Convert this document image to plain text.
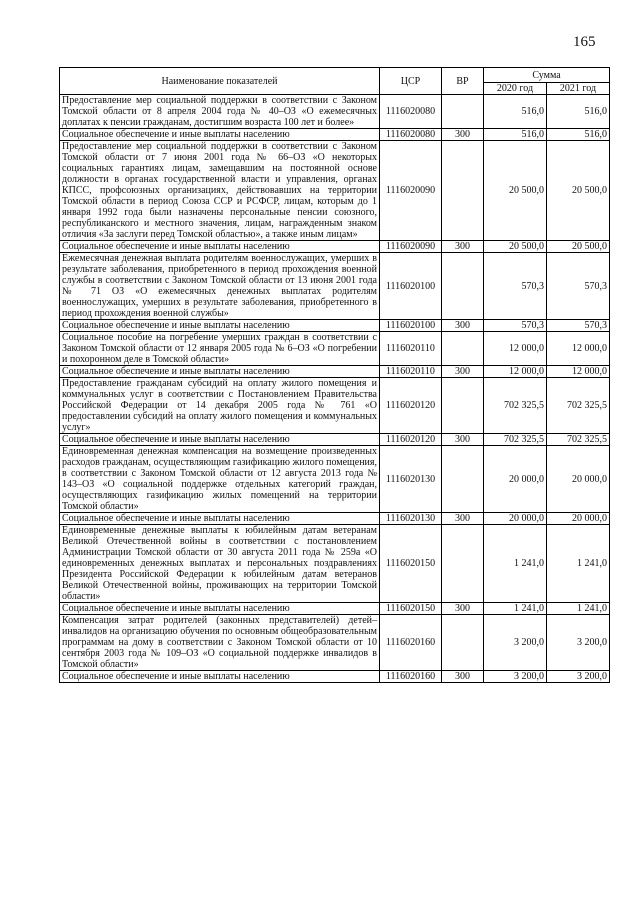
165
Наименование показателей	ЦСР	ВР	Сумма	
			2020 год	2021 год
Предоставление мер социальной поддержки в соответствии с Законом Томской области от 8 апреля 2004 года № 40–ОЗ «О ежемесячных доплатах к пенсии гражданам, достигшим возраста 100 лет и более»	1116020080		516,0	516,0
Социальное обеспечение и иные выплаты населению	1116020080	300	516,0	516,0
Предоставление мер социальной поддержки в соответствии с Законом Томской области от 7 июня 2001 года № 66–ОЗ «О некоторых социальных гарантиях лицам, замещавшим на постоянной основе должности в органах государственной власти и управления, органах КПСС, профсоюзных организациях, действовавших на территории Томской области в период Союза ССР и РСФСР, лицам, которым до 1 января 1992 года были назначены персональные пенсии союзного, республиканского и местного значения, лицам, награжденным знаком отличия «За заслуги перед Томской областью», а также иным лицам»	1116020090		20 500,0	20 500,0
Социальное обеспечение и иные выплаты населению	1116020090	300	20 500,0	20 500,0
Ежемесячная денежная выплата родителям военнослужащих, умерших в результате заболевания, приобретенного в период прохождения военной службы в соответствии с Законом Томской области от 13 июня 2001 года № 71 ОЗ «О ежемесячных денежных выплатах родителям военнослужащих, умерших в результате заболевания, приобретенного в период прохождения военной службы»	1116020100		570,3	570,3
Социальное обеспечение и иные выплаты населению	1116020100	300	570,3	570,3
Социальное пособие на погребение умерших граждан в соответствии с Законом Томской области от 12 января 2005 года № 6–ОЗ «О погребении и похоронном деле в Томской области»	1116020110		12 000,0	12 000,0
Социальное обеспечение и иные выплаты населению	1116020110	300	12 000,0	12 000,0
Предоставление гражданам субсидий на оплату жилого помещения и коммунальных услуг в соответствии с Постановлением Правительства Российской Федерации от 14 декабря 2005 года № 761 «О предоставлении субсидий на оплату жилого помещения и коммунальных услуг»	1116020120		702 325,5	702 325,5
Социальное обеспечение и иные выплаты населению	1116020120	300	702 325,5	702 325,5
Единовременная денежная компенсация на возмещение произведенных расходов гражданам, осуществляющим газификацию жилого помещения, в соответствии с Законом Томской области от 12 августа 2013 года № 143–ОЗ «О социальной поддержке отдельных категорий граждан, осуществляющих газификацию жилых помещений на территории Томской области»	1116020130		20 000,0	20 000,0
Социальное обеспечение и иные выплаты населению	1116020130	300	20 000,0	20 000,0
Единовременные денежные выплаты к юбилейным датам ветеранам Великой Отечественной войны в соответствии с постановлением Администрации Томской области от 30 августа 2011 года № 259а «О единовременных денежных выплатах и персональных поздравлениях Президента Российской Федерации к юбилейным датам ветеранов Великой Отечественной войны, проживающих на территории Томской области»	1116020150		1 241,0	1 241,0
Социальное обеспечение и иные выплаты населению	1116020150	300	1 241,0	1 241,0
Компенсация затрат родителей (законных представителей) детей–инвалидов на организацию обучения по основным общеобразовательным программам на дому в соответствии с Законом Томской области от 10 сентября 2003 года № 109–ОЗ «О социальной поддержке инвалидов в Томской области»	1116020160		3 200,0	3 200,0
Социальное обеспечение и иные выплаты населению	1116020160	300	3 200,0	3 200,0
